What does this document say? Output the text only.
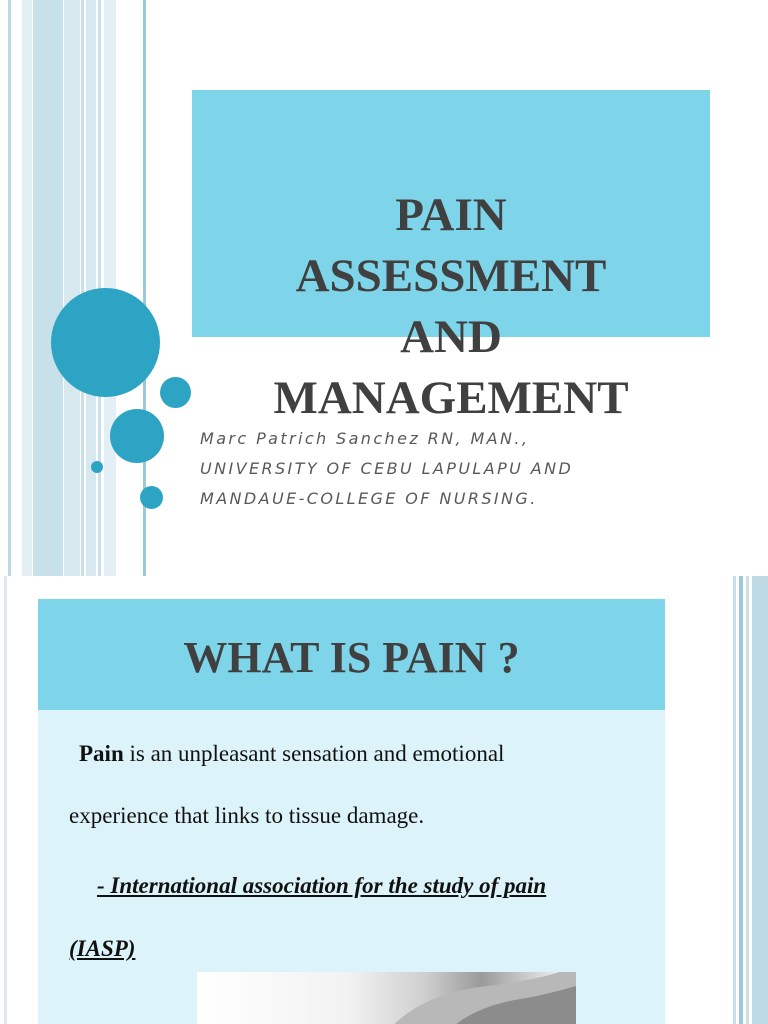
PAIN
ASSESSMENT
AND
MANAGEMENT
Marc Patrich Sanchez RN, MAN.,
UNIVERSITY OF CEBU LAPULAPU AND
MANDAUE-COLLEGE OF NURSING.
WHAT IS PAIN ?
Pain is an unpleasant sensation and emotional
experience that links to tissue damage.
- International association for the study of pain
(IASP)
